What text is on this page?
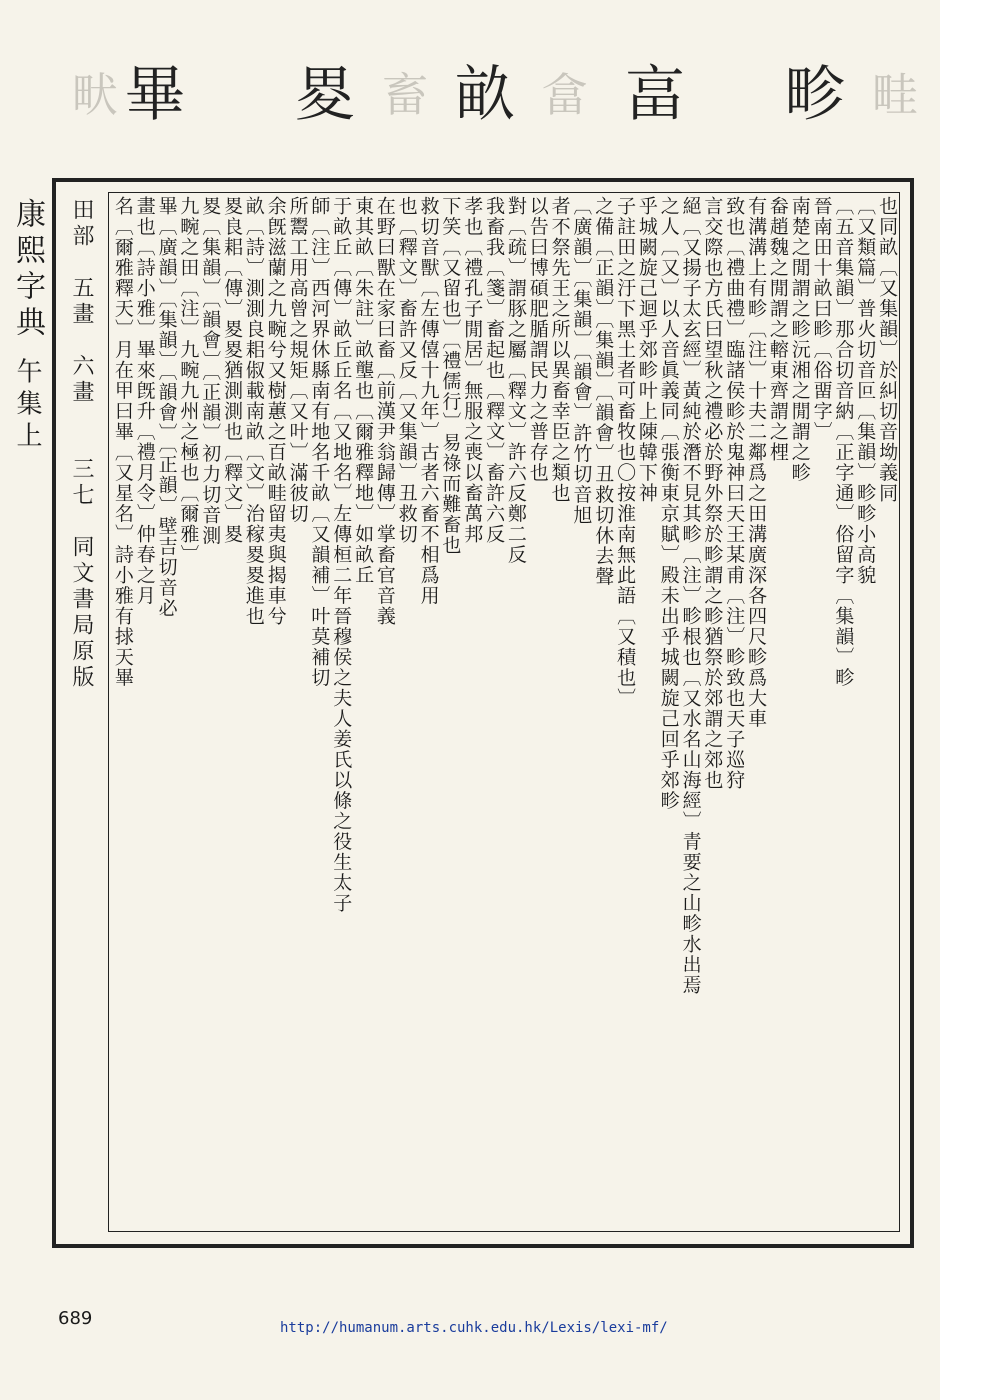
畎 畢 畟 畜 畝 畣 畗 畛 畦
康熙字典 午集上	田部　五畫　六畫 三七　同文書局原版
也同畝〔又集韻〕於糾切音坳義同
〔又類篇〕普火切音叵〔集韻〕畛畛小高貌
〔五音集韻〕那合切音納〔正字通〕俗留字〔集韻〕畛
晉南田十畝曰畛〔俗畱字〕
南楚之閒謂之畛沅湘之閒謂之畛
畚趙魏之閒謂之䡥東齊謂之梩
有溝溝上有畛〔注〕十夫二鄰爲之田溝廣深各四尺畛爲大車
致也〔禮曲禮〕臨諸侯畛於鬼神曰天王某甫〔注〕畛致也天子巡狩
言交際也方氏曰望秋之禮必於野外祭於畛謂之畛猶祭於郊謂之郊也
絕〔又揚子太玄經〕黃純於潛不見其畛〔注〕畛根也〔又水名山海經〕青要之山畛水出焉
之人〔又〕以人音眞義同〔張衡東京賦〕殿未出乎城闕旋己回乎郊畛
乎城闕旋己迴乎郊畛叶上陳韓下神
子註田之汙下黑土者可畜牧也〇按淮南無此語〔又積也〕
之備〔正韻〕〔集韻〕〔韻會〕丑救切休去聲
〔廣韻〕〔集韻〕〔韻會〕許竹切音旭
者不祭先王之所以異畜幸臣之類也
以告曰博碩肥腯謂民力之普存也
對〔疏〕謂豚之屬〔釋文〕許六反鄭二反
我畜我〔箋〕畜起也〔釋文〕畜許六反
孝也〔禮孔子閒居〕無服之喪以畜萬邦
下笑〔又留也〕〔禮儒行〕易祿而難畜也
救切音獸〔左傳僖十九年〕古者六畜不相爲用
也〔釋文〕畜許又反〔又集韻〕丑救切
在野曰獸在家曰畜〔前漢尹翁歸傳〕掌畜官音義
東其畝〔朱註〕畝壟也〔爾雅釋地〕如畝丘
于畝丘〔傳〕畝丘丘名〔又地名〕左傳桓二年晉穆侯之夫人姜氏以條之役生太子
師〔注〕西河界休縣南有地名千畝〔又韻補〕叶莫補切
所鬻工用高曾之規矩〔又叶〕滿彼切
余旣滋蘭之九畹兮又樹蕙之百畝畦留夷與揭車兮
畝〔詩〕測測良耜俶載南畝〔文〕治稼畟畟進也
畟良耜〔傳〕畟畟猶測測也〔釋文〕畟
畟〔集韻〕〔韻會〕〔正韻〕初力切音測
九畹之田〔注〕九畹九州之極也〔爾雅〕
畢〔廣韻〕〔集韻〕〔韻會〕〔正韻〕壁吉切音必
畫也〔詩小雅〕畢來旣升〔禮月令〕仲春之月
名〔爾雅釋天〕月在甲曰畢〔又星名〕詩小雅有捄天畢
689	http://humanum.arts.cuhk.edu.hk/Lexis/lexi-mf/
